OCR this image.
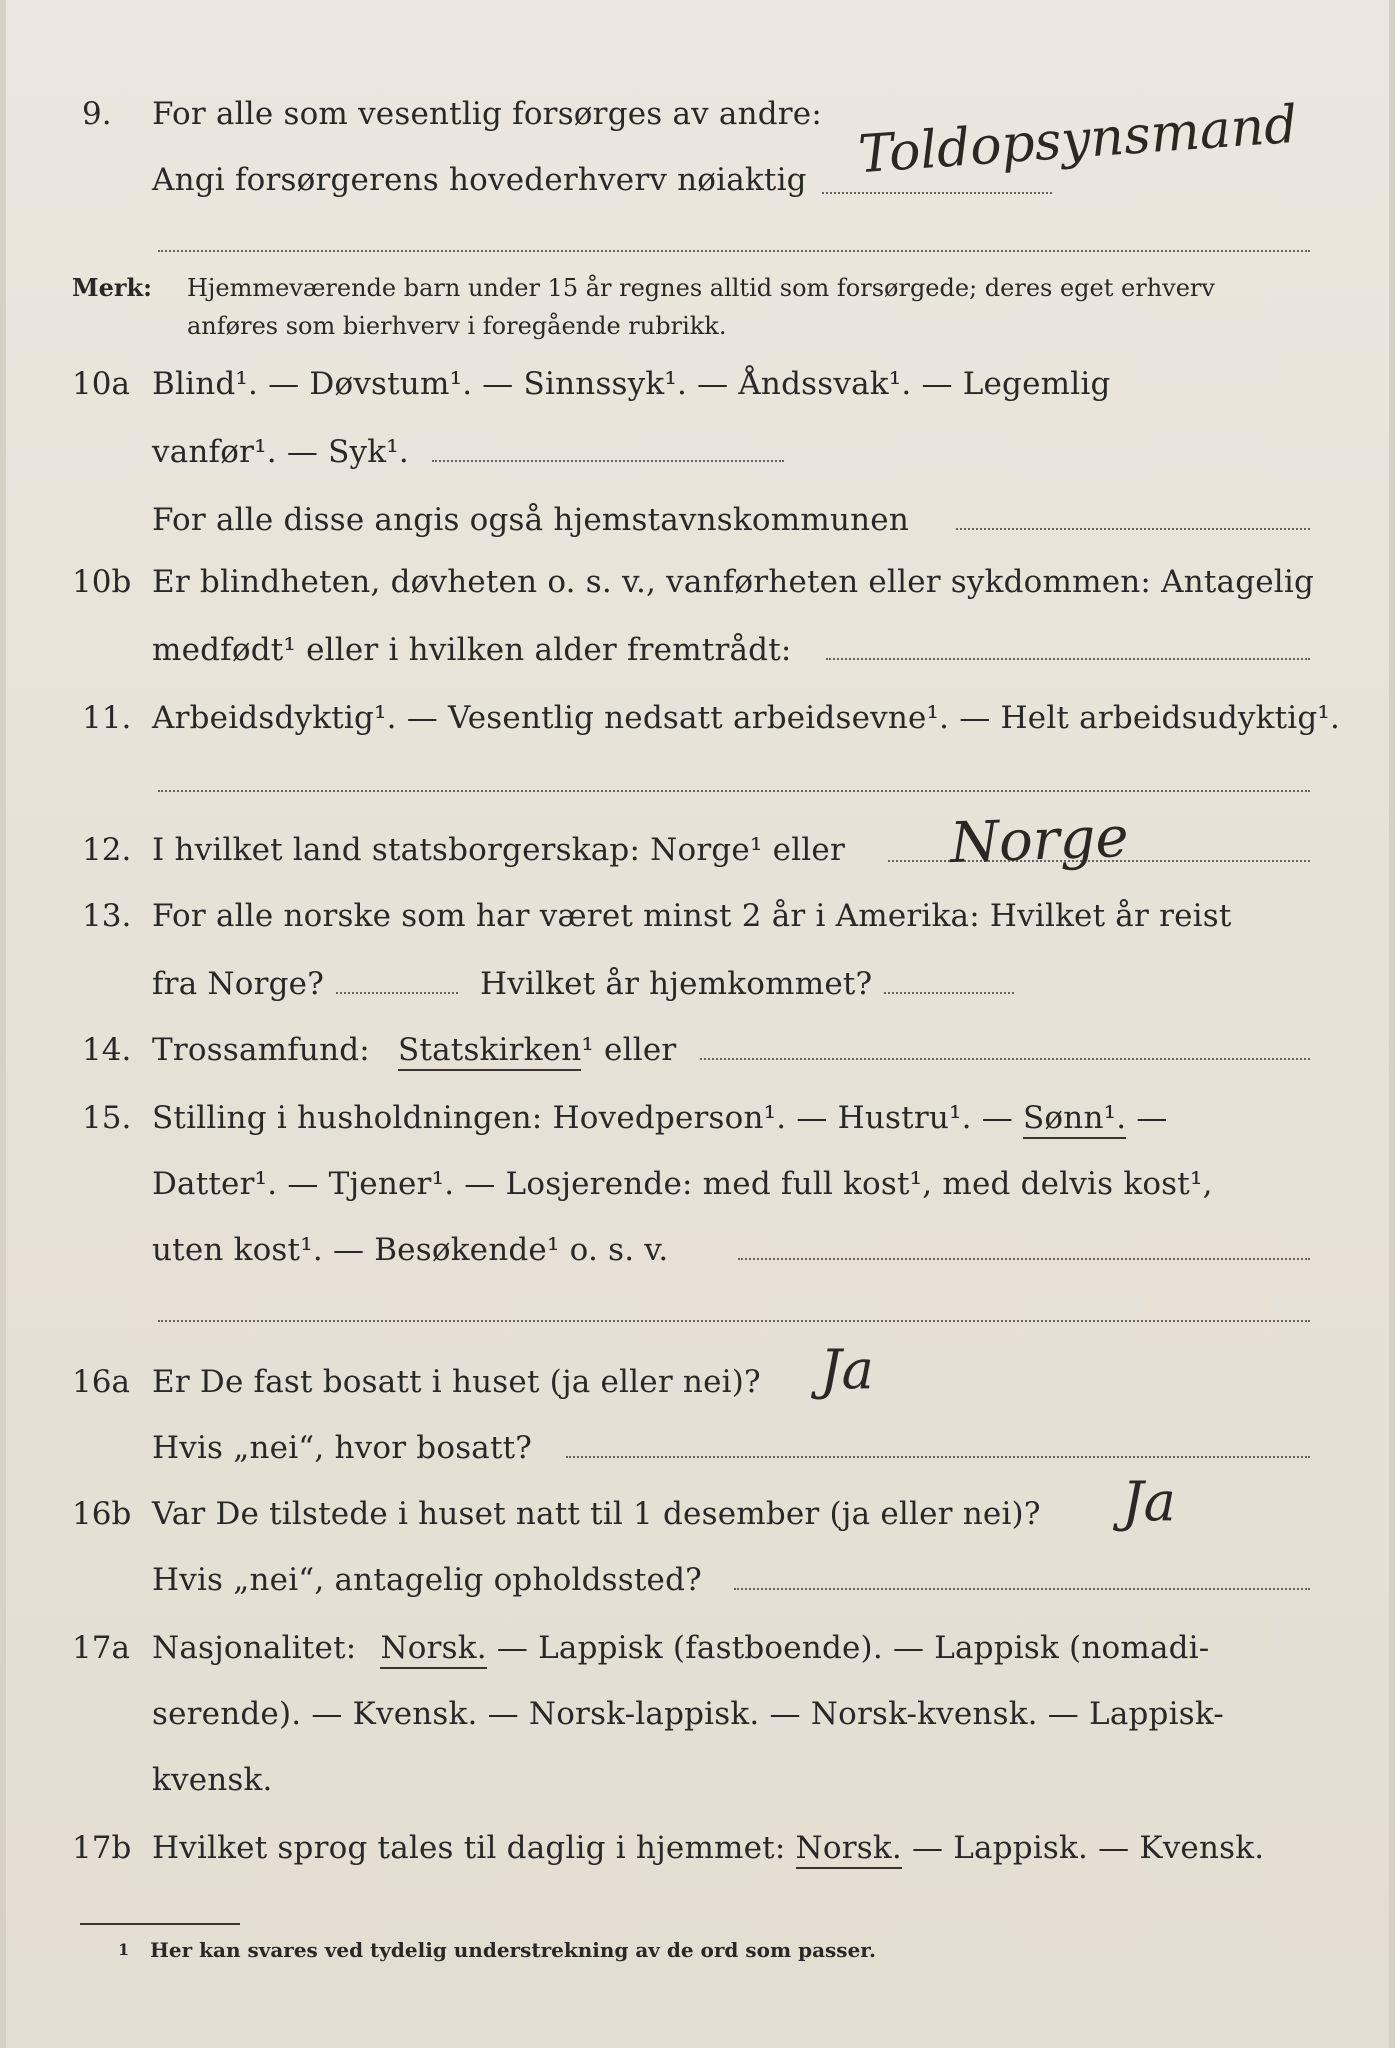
9. For alle som vesentlig forsørges av andre:
Angi forsørgerens hovederhverv nøiaktig Toldopsynsmand
Merk: Hjemmeværende barn under 15 år regnes alltid som forsørgede; deres eget erhverv
anføres som bierhverv i foregående rubrikk.
10a Blind¹. — Døvstum¹. — Sinnssyk¹. — Åndssvak¹. — Legemlig
vanfør¹. — Syk¹.
For alle disse angis også hjemstavnskommunen
10b Er blindheten, døvheten o. s. v., vanførheten eller sykdommen: Antagelig
medfødt¹ eller i hvilken alder fremtrådt:
11. Arbeidsdyktig¹. — Vesentlig nedsatt arbeidsevne¹. — Helt arbeidsudyktig¹.
12. I hvilket land statsborgerskap: Norge¹ eller Norge
13. For alle norske som har været minst 2 år i Amerika: Hvilket år reist
fra Norge?	Hvilket år hjemkommet?
14. Trossamfund: Statskirken¹ eller
15. Stilling i husholdningen: Hovedperson¹. — Hustru¹. — Sønn¹. —
Datter¹. — Tjener¹. — Losjerende: med full kost¹, med delvis kost¹,
uten kost¹. — Besøkende¹ o. s. v.
16a Er De fast bosatt i huset (ja eller nei)? Ja
Hvis „nei“, hvor bosatt?
16b Var De tilstede i huset natt til 1 desember (ja eller nei)? Ja
Hvis „nei“, antagelig opholdssted?
17a Nasjonalitet: Norsk. — Lappisk (fastboende). — Lappisk (nomadi-
serende). — Kvensk. — Norsk-lappisk. — Norsk-kvensk. — Lappisk-
kvensk.
17b Hvilket sprog tales til daglig i hjemmet: Norsk. — Lappisk. — Kvensk.
1 Her kan svares ved tydelig understrekning av de ord som passer.
